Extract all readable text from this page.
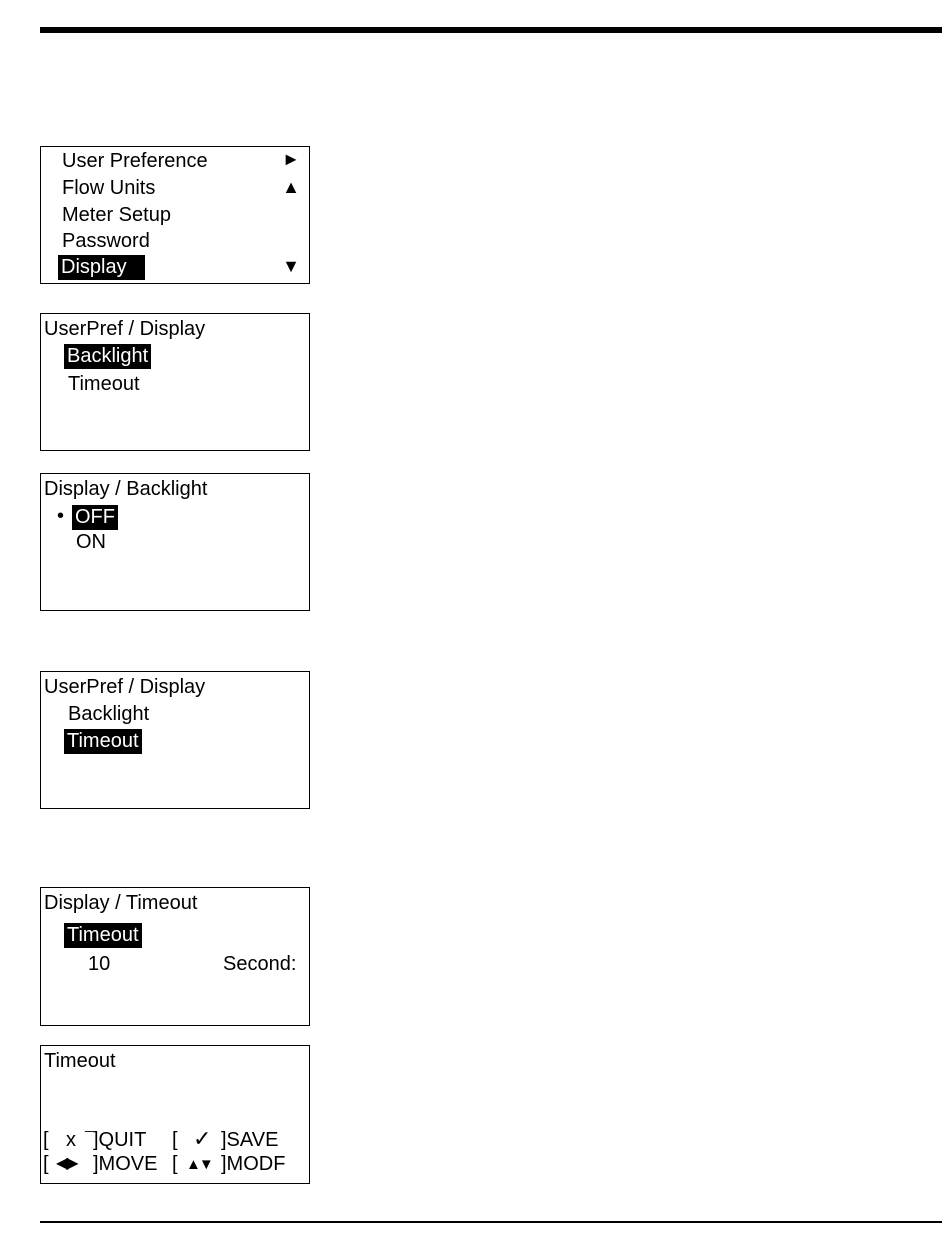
User Preference
Flow Units
Meter Setup
Password
Display
►
▲
▼
UserPref / Display
Backlight
Timeout
Display / Backlight
• OFF
ON
UserPref / Display
Backlight
Timeout
Display / Timeout
Timeout
10	Second:
Timeout
[
_
x ]QUIT [ ✓ ]SAVE
[ ◀▶ ]MOVE [ ▲▼ ]MODF
